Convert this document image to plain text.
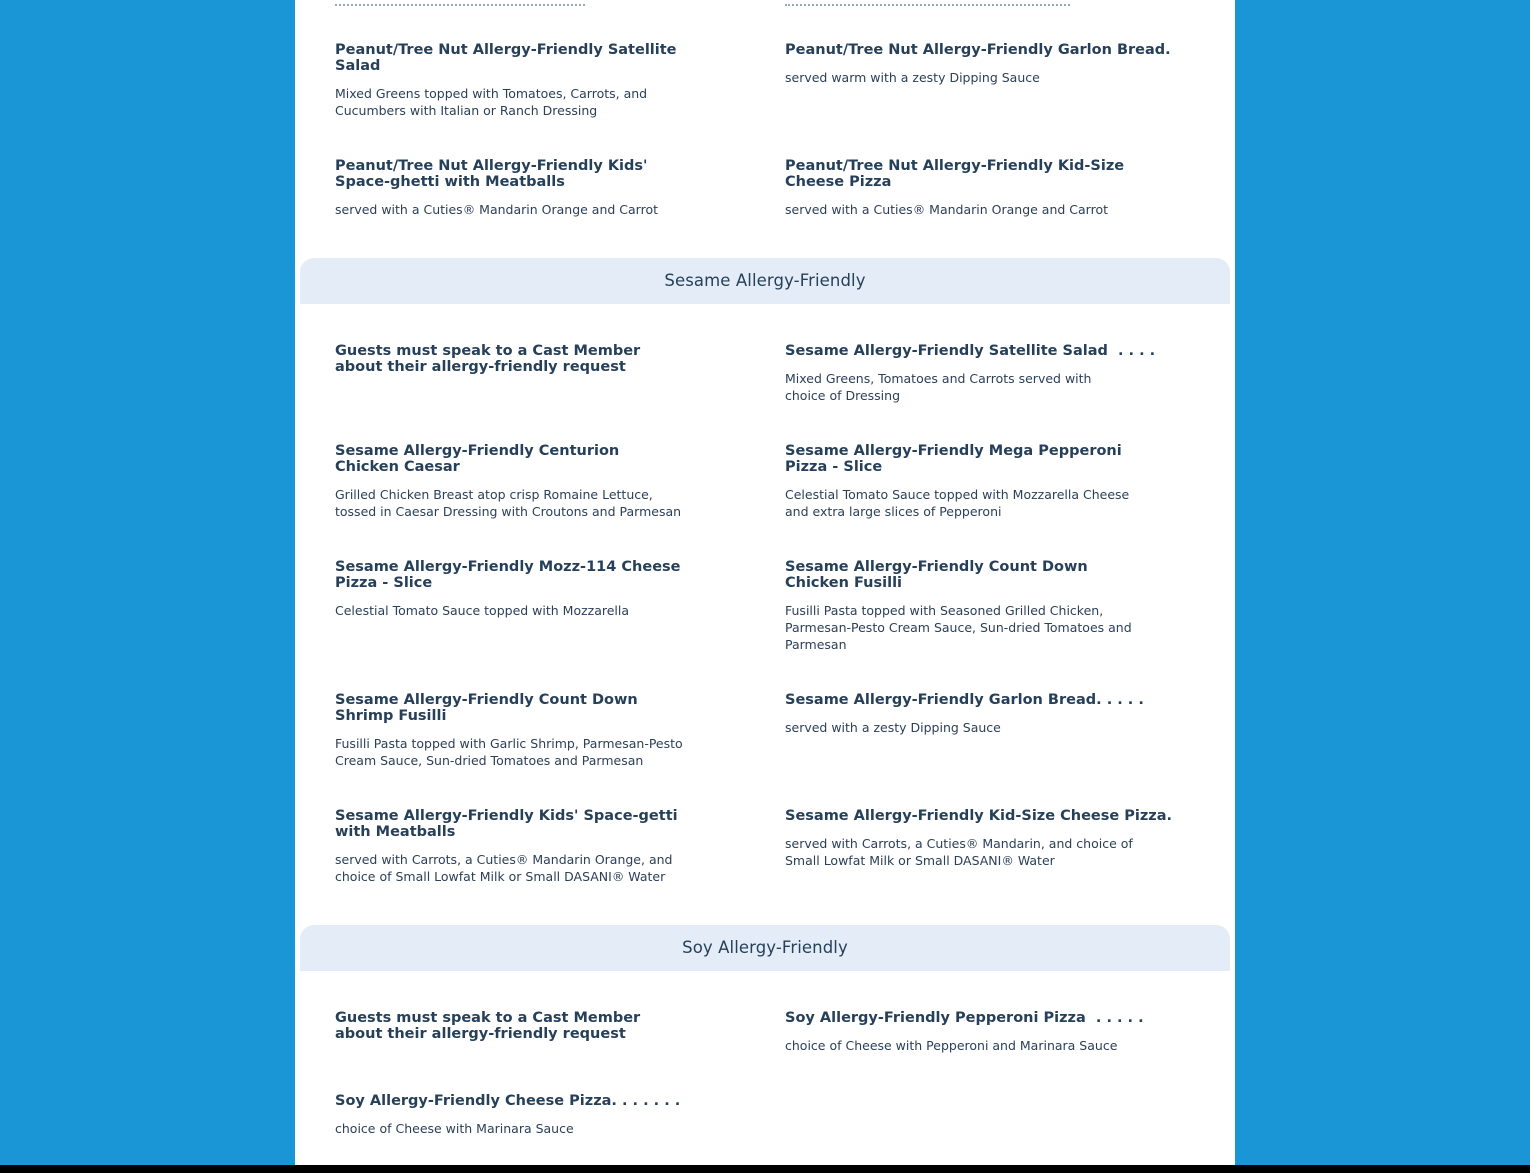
Peanut/Tree Nut Allergy-Friendly Satellite Salad

Mixed Greens topped with Tomatoes, Carrots, and Cucumbers with Italian or Ranch Dressing

Peanut/Tree Nut Allergy-Friendly Garlon Bread.

served warm with a zesty Dipping Sauce

Peanut/Tree Nut Allergy-Friendly Kids' Space-ghetti with Meatballs

served with a Cuties® Mandarin Orange and Carrot

Peanut/Tree Nut Allergy-Friendly Kid-Size Cheese Pizza

served with a Cuties® Mandarin Orange and Carrot

Sesame Allergy-Friendly
Guests must speak to a Cast Member about their allergy-friendly request
Sesame Allergy-Friendly Satellite Salad . . . .

Mixed Greens, Tomatoes and Carrots served with choice of Dressing

Sesame Allergy-Friendly Centurion Chicken Caesar

Grilled Chicken Breast atop crisp Romaine Lettuce, tossed in Caesar Dressing with Croutons and Parmesan

Sesame Allergy-Friendly Mega Pepperoni Pizza - Slice

Celestial Tomato Sauce topped with Mozzarella Cheese and extra large slices of Pepperoni

Sesame Allergy-Friendly Mozz-114 Cheese Pizza - Slice

Celestial Tomato Sauce topped with Mozzarella

Sesame Allergy-Friendly Count Down Chicken Fusilli

Fusilli Pasta topped with Seasoned Grilled Chicken, Parmesan-Pesto Cream Sauce, Sun-dried Tomatoes and Parmesan

Sesame Allergy-Friendly Count Down Shrimp Fusilli

Fusilli Pasta topped with Garlic Shrimp, Parmesan-Pesto Cream Sauce, Sun-dried Tomatoes and Parmesan

Sesame Allergy-Friendly Garlon Bread. . . . .

served with a zesty Dipping Sauce

Sesame Allergy-Friendly Kids' Space-getti with Meatballs

served with Carrots, a Cuties® Mandarin Orange, and choice of Small Lowfat Milk or Small DASANI® Water

Sesame Allergy-Friendly Kid-Size Cheese Pizza.

served with Carrots, a Cuties® Mandarin, and choice of Small Lowfat Milk or Small DASANI® Water

Soy Allergy-Friendly
Guests must speak to a Cast Member about their allergy-friendly request
Soy Allergy-Friendly Pepperoni Pizza . . . . .

choice of Cheese with Pepperoni and Marinara Sauce

Soy Allergy-Friendly Cheese Pizza. . . . . . .

choice of Cheese with Marinara Sauce
